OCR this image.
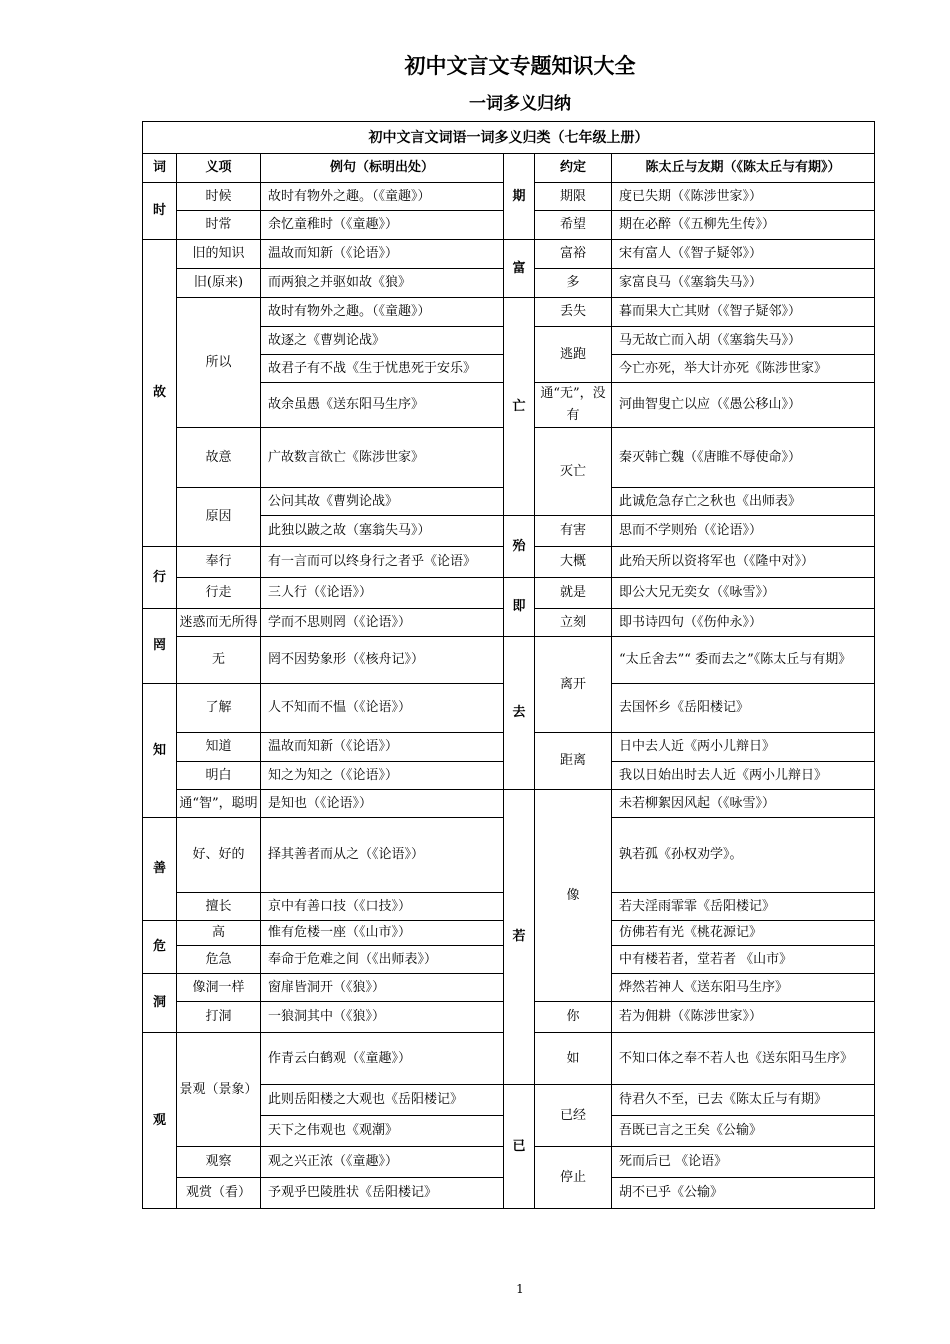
初中文言文专题知识大全
一词多义归纳
初中文言文词语一词多义归类（七年级上册）					
词	义项	例句（标明出处）	期	约定	陈太丘与友期（《陈太丘与有期》）
时	时候	故时有物外之趣。（《童趣》）		期限	度已失期（《陈涉世家》）
	时常	余忆童稚时（《童趣》）		希望	期在必醉（《五柳先生传》）
故	旧的知识	温故而知新（《论语》）	富	富裕	宋有富人（《智子疑邻》）
	旧(原来)	而两狼之并驱如故《狼》		多	家富良马（《塞翁失马》）
	所以	故时有物外之趣。（《童趣》）	亡	丢失	暮而果大亡其财（《智子疑邻》）
		故逐之《曹刿论战》		逃跑	马无故亡而入胡（《塞翁失马》）
		故君子有不战《生于忧患死于安乐》			今亡亦死，举大计亦死《陈涉世家》
		故余虽愚《送东阳马生序》		通“无”，没有	河曲智叟亡以应（《愚公移山》）
	故意	广故数言欲亡《陈涉世家》		灭亡	秦灭韩亡魏（《唐睢不辱使命》）
	原因	公问其故《曹刿论战》			此诚危急存亡之秋也《出师表》
		此独以跛之故（塞翁失马》）	殆	有害	思而不学则殆（《论语》）
行	奉行	有一言而可以终身行之者乎《论语》		大概	此殆天所以资将军也（《隆中对》）
	行走	三人行（《论语》）	即	就是	即公大兄无奕女（《咏雪》）
罔	迷惑而无所得	学而不思则罔（《论语》）		立刻	即书诗四句（《伤仲永》）
	无	罔不因势象形（《核舟记》）	去	离开	“太丘舍去”“ 委而去之”《陈太丘与有期》
知	了解	人不知而不愠（《论语》）			去国怀乡《岳阳楼记》
	知道	温故而知新（《论语》）		距离	日中去人近《两小儿辩日》
	明白	知之为知之（《论语》）			我以日始出时去人近《两小儿辩日》
	通“智”，聪明	是知也（《论语》）	若	像	未若柳絮因风起（《咏雪》）
善	好、好的	择其善者而从之（《论语》）			孰若孤《孙权劝学》。
	擅长	京中有善口技（《口技》）			若夫淫雨霏霏《岳阳楼记》
危	高	惟有危楼一座（《山市》）			仿佛若有光《桃花源记》
	危急	奉命于危难之间（《出师表》）			中有楼若者，堂若者 《山市》
洞	像洞一样	窗扉皆洞开（《狼》）			烨然若神人《送东阳马生序》
	打洞	一狼洞其中（《狼》）		你	若为佣耕（《陈涉世家》）
观	景观（景象）	作青云白鹤观（《童趣》）		如	不知口体之奉不若人也《送东阳马生序》
		此则岳阳楼之大观也《岳阳楼记》	已	已经	待君久不至，已去《陈太丘与有期》
		天下之伟观也《观潮》			吾既已言之王矣《公输》
	观察	观之兴正浓（《童趣》）		停止	死而后已 《论语》
	观赏（看）	予观乎巴陵胜状《岳阳楼记》			胡不已乎《公输》
1
